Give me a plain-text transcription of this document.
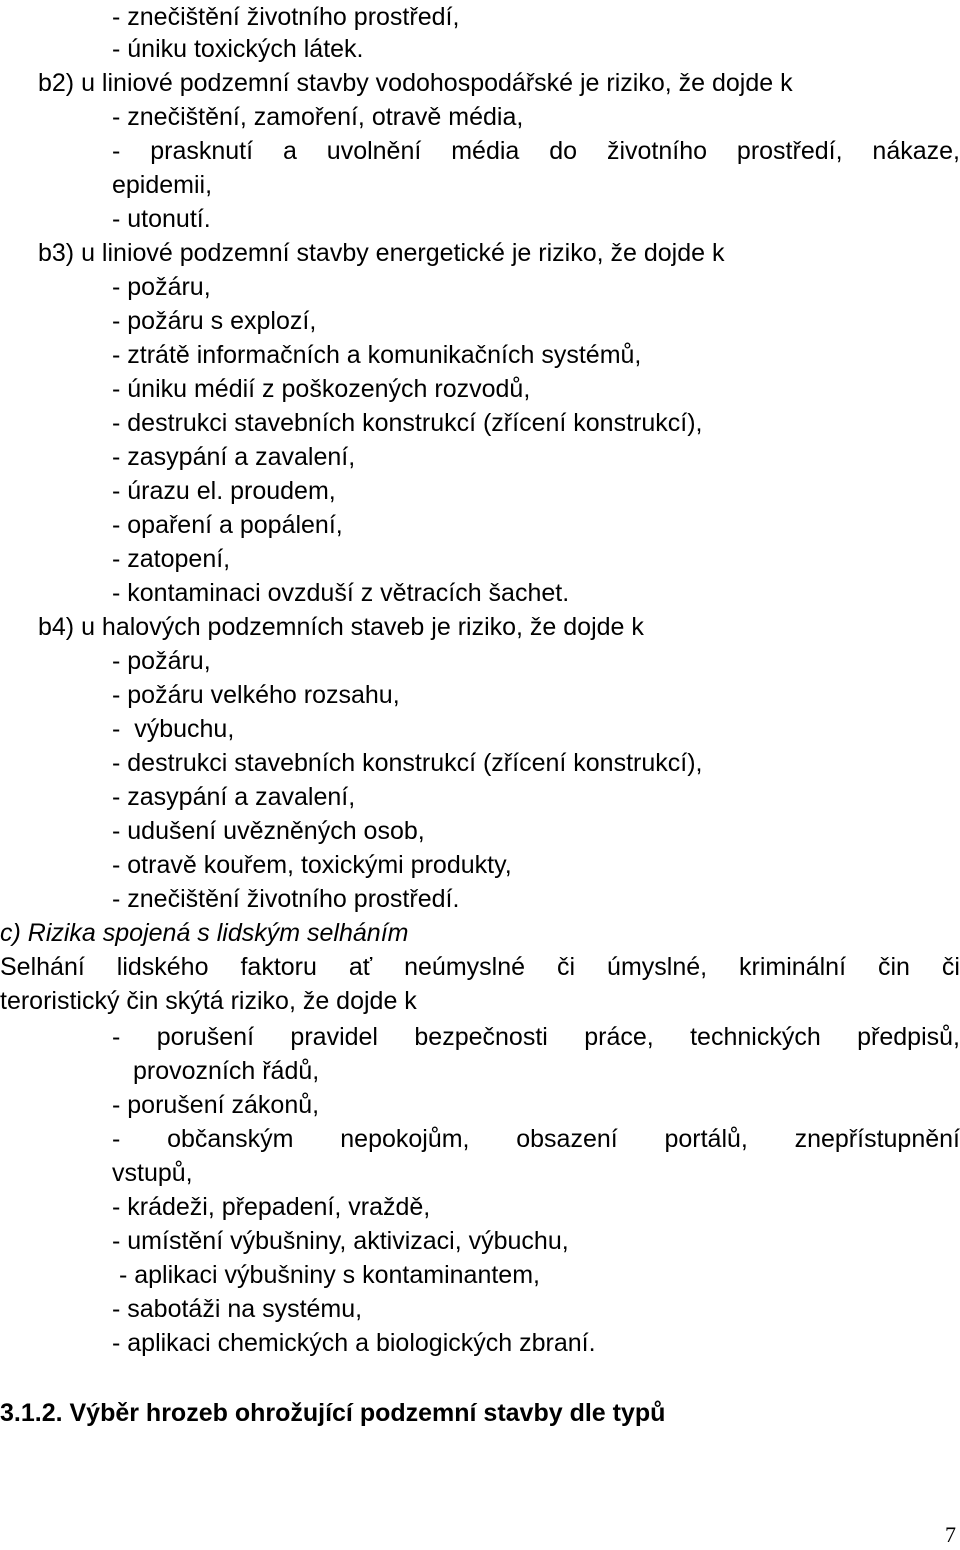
- znečištění životního prostředí,

- úniku toxických látek.

b2) u liniové podzemní stavby vodohospodářské je riziko, že dojde k

- znečištění, zamoření, otravě média,

- prasknutí a uvolnění média do životního prostředí, nákaze,

epidemii,

- utonutí.

b3) u liniové podzemní stavby energetické je riziko, že dojde k

- požáru,

- požáru s explozí,

- ztrátě informačních a komunikačních systémů,

- úniku médií z poškozených rozvodů,

- destrukci stavebních konstrukcí (zřícení konstrukcí),

- zasypání a zavalení,

- úrazu el. proudem,

- opaření a popálení,

- zatopení,

- kontaminaci ovzduší z větracích šachet.

b4) u halových podzemních staveb je riziko, že dojde k

- požáru,

- požáru velkého rozsahu,

-  výbuchu,

- destrukci stavebních konstrukcí (zřícení konstrukcí),

- zasypání a zavalení,

- udušení uvězněných osob,

- otravě kouřem, toxickými produkty,

- znečištění životního prostředí.

c) Rizika spojená s lidským selháním

Selhání lidského faktoru ať neúmyslné či úmyslné, kriminální čin či

teroristický čin skýtá riziko, že dojde k

- porušení pravidel bezpečnosti práce, technických předpisů,

provozních řádů,

- porušení zákonů,

- občanským nepokojům, obsazení portálů, znepřístupnění

vstupů,

- krádeži, přepadení, vraždě,

- umístění výbušniny, aktivizaci, výbuchu,

- aplikaci výbušniny s kontaminantem,

- sabotáži na systému,

- aplikaci chemických a biologických zbraní.

3.1.2. Výběr hrozeb ohrožující podzemní stavby dle typů

7
